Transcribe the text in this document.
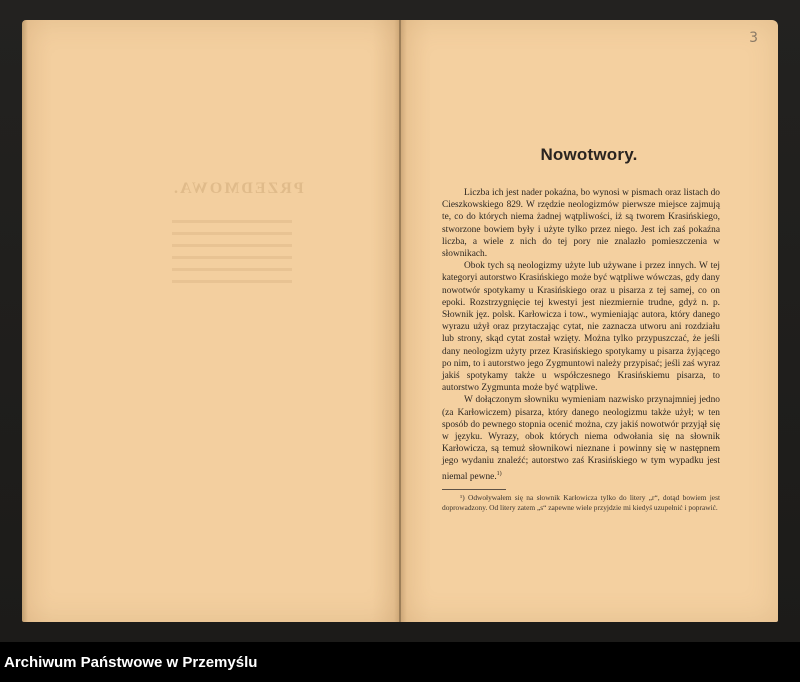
PRZEDMOWA.
3
Nowotwory.

Liczba ich jest nader pokaźna, bo wynosi w pismach oraz listach do Cieszkowskiego 829. W rzędzie neologizmów pierwsze miejsce zajmują te, co do których niema żadnej wątpliwości, iż są tworem Krasińskiego, stworzone bowiem były i użyte tylko przez niego. Jest ich zaś pokaźna liczba, a wiele z nich do tej pory nie znalazło pomieszczenia w słownikach.

Obok tych są neologizmy użyte lub używane i przez innych. W tej kategoryi autorstwo Krasińskiego może być wątpliwe wówczas, gdy dany nowotwór spotykamy u Krasińskiego oraz u pisarza z tej samej, co on epoki. Rozstrzygnięcie tej kwestyi jest niezmiernie trudne, gdyż n. p. Słownik jęz. polsk. Karłowicza i tow., wymieniając autora, który danego wyrazu użył oraz przytaczając cytat, nie zaznacza utworu ani rozdziału lub strony, skąd cytat został wzięty. Można tylko przypuszczać, że jeśli dany neologizm użyty przez Krasińskiego spotykamy u pisarza żyjącego po nim, to i autorstwo jego Zygmuntowi należy przypisać; jeśli zaś wyraz jakiś spotykamy także u współczesnego Krasińskiemu pisarza, to autorstwo Zygmunta może być wątpliwe.

W dołączonym słowniku wymieniam nazwisko przynajmniej jedno (za Karłowiczem) pisarza, który danego neologizmu także użył; w ten sposób do pewnego stopnia ocenić można, czy jakiś nowotwór przyjął się w języku. Wyrazy, obok których niema odwołania się na słownik Karłowicza, są temuż słownikowi nieznane i powinny się w następnem jego wydaniu znaleźć; autorstwo zaś Krasińskiego w tym wypadku jest niemal pewne.$^{1)}$

¹) Odwoływałem się na słownik Karłowicza tylko do litery „r“, dotąd bowiem jest doprowadzony. Od litery zatem „s“ zapewne wiele przyjdzie mi kiedyś uzupełnić i poprawić.

Archiwum Państwowe w Przemyślu
